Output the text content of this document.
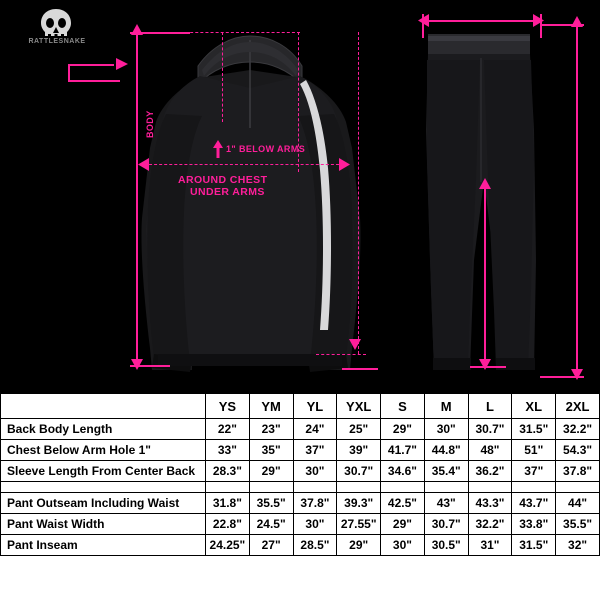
RATTLESNAKE
BODY
1" BELOW ARMS
AROUND CHEST
UNDER ARMS
	YS	YM	YL	YXL	S	M	L	XL	2XL
Back Body Length	22"	23"	24"	25"	29"	30"	30.7"	31.5"	32.2"
Chest Below Arm Hole 1"	33"	35"	37"	39"	41.7"	44.8"	48"	51"	54.3"
Sleeve Length From Center Back	28.3"	29"	30"	30.7"	34.6"	35.4"	36.2"	37"	37.8"

Pant Outseam Including Waist	31.8"	35.5"	37.8"	39.3"	42.5"	43"	43.3"	43.7"	44"
Pant Waist Width	22.8"	24.5"	30"	27.55"	29"	30.7"	32.2"	33.8"	35.5"
Pant Inseam	24.25"	27"	28.5"	29"	30"	30.5"	31"	31.5"	32"
